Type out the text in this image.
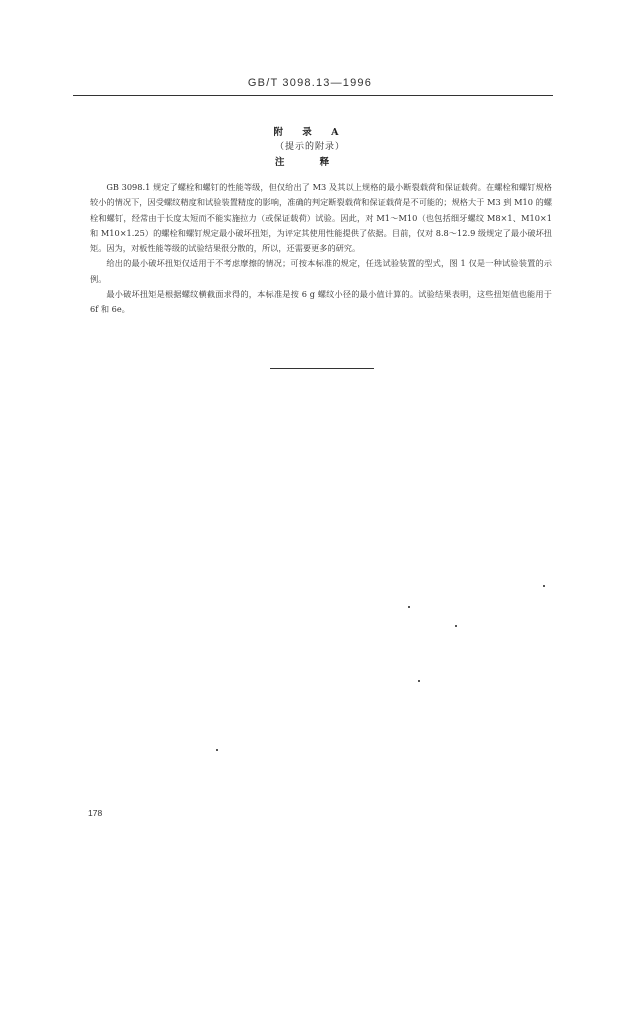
GB/T 3098.13—1996
附 录 A
（提示的附录）
注 释

GB 3098.1 规定了螺栓和螺钉的性能等级，但仅给出了 M3 及其以上规格的最小断裂载荷和保证载荷。在螺栓和螺钉规格较小的情况下，因受螺纹精度和试验装置精度的影响，准确的判定断裂载荷和保证载荷是不可能的；规格大于 M3 到 M10 的螺栓和螺钉，经常由于长度太短而不能实施拉力（或保证载荷）试验。因此，对 M1～M10（也包括细牙螺纹 M8×1、M10×1 和 M10×1.25）的螺栓和螺钉规定最小破坏扭矩，为评定其使用性能提供了依据。目前，仅对 8.8～12.9 级规定了最小破坏扭矩。因为，对板性能等级的试验结果很分散的，所以，还需要更多的研究。

给出的最小破坏扭矩仅适用于不考虑摩擦的情况；可按本标准的规定，任选试验装置的型式，图 1 仅是一种试验装置的示例。

最小破坏扭矩是根据螺纹横截面求得的，本标准是按 6 g 螺纹小径的最小值计算的。试验结果表明，这些扭矩值也能用于 6f 和 6e。

178
